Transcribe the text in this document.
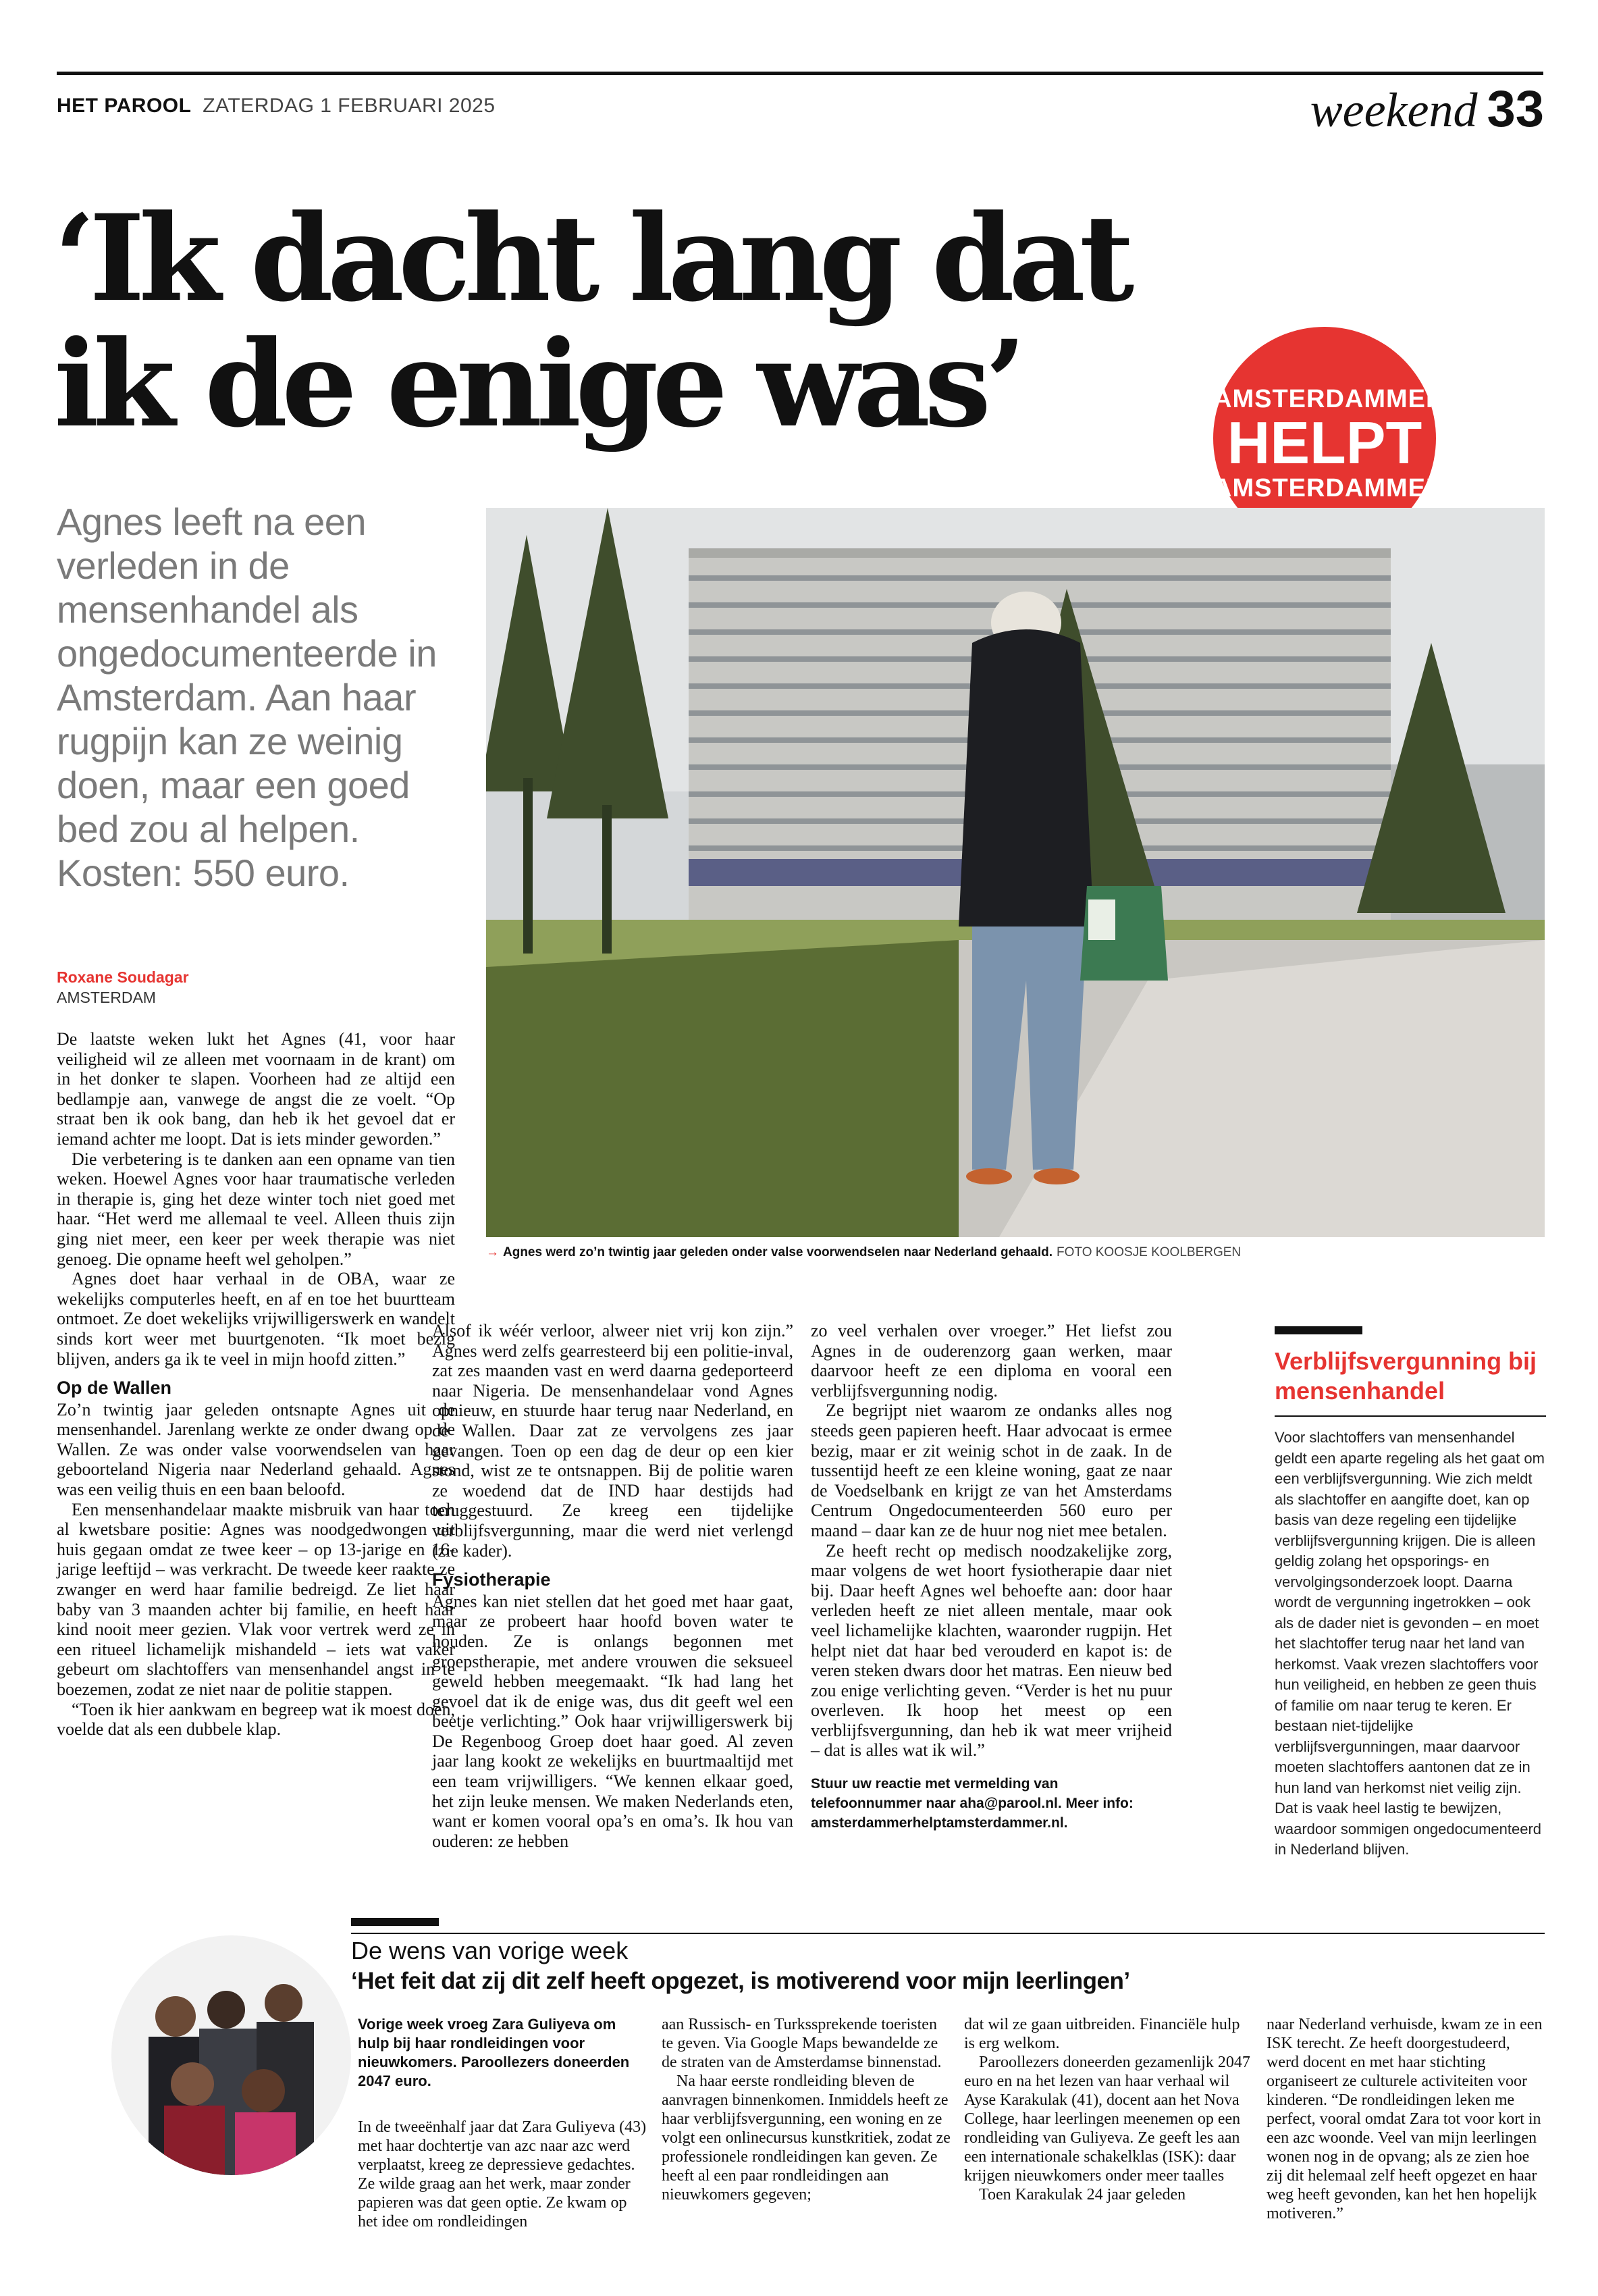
HET PAROOL ZATERDAG 1 FEBRUARI 2025	weekend 33
‘Ik dacht lang dat ik de enige was’	AMSTERDAMMER
HELPT
AMSTERDAMMER

Agnes leeft na een verleden in de mensenhandel als ongedocumenteerde in Amsterdam. Aan haar rugpijn kan ze weinig doen, maar een goed bed zou al helpen. Kosten: 550 euro.

Roxane Soudagar
AMSTERDAM
→ Agnes werd zo’n twintig jaar geleden onder valse voorwendselen naar Nederland gehaald. FOTO KOOSJE KOOLBERGEN

De laatste weken lukt het Agnes (41, voor haar veiligheid wil ze alleen met voornaam in de krant) om in het donker te slapen. Voorheen had ze altijd een bedlampje aan, vanwege de angst die ze voelt. “Op straat ben ik ook bang, dan heb ik het gevoel dat er iemand achter me loopt. Dat is iets minder geworden.”

Die verbetering is te danken aan een opname van tien weken. Hoewel Agnes voor haar traumatische verleden in therapie is, ging het deze winter toch niet goed met haar. “Het werd me allemaal te veel. Alleen thuis zijn ging niet meer, een keer per week therapie was niet genoeg. Die opname heeft wel geholpen.”

Agnes doet haar verhaal in de OBA, waar ze wekelijks computerles heeft, en af en toe het buurtteam ontmoet. Ze doet wekelijks vrijwilligerswerk en wandelt sinds kort weer met buurtgenoten. “Ik moet bezig blijven, anders ga ik te veel in mijn hoofd zitten.”

Op de Wallen

Zo’n twintig jaar geleden ontsnapte Agnes uit de mensenhandel. Jarenlang werkte ze onder dwang op de Wallen. Ze was onder valse voorwendselen van haar geboorteland Nigeria naar Nederland gehaald. Agnes was een veilig thuis en een baan beloofd.

Een mensenhandelaar maakte misbruik van haar toch al kwetsbare positie: Agnes was noodgedwongen uit huis gegaan omdat ze twee keer – op 13-jarige en 16-jarige leeftijd – was verkracht. De tweede keer raakte ze zwanger en werd haar familie bedreigd. Ze liet haar baby van 3 maanden achter bij familie, en heeft haar kind nooit meer gezien. Vlak voor vertrek werd ze in een ritueel lichamelijk mishandeld – iets wat vaker gebeurt om slachtoffers van mensenhandel angst in te boezemen, zodat ze niet naar de politie stappen.

“Toen ik hier aankwam en begreep wat ik moest doen, voelde dat als een dubbele klap.

Alsof ik wéér verloor, alweer niet vrij kon zijn.” Agnes werd zelfs gearresteerd bij een politie-inval, zat zes maanden vast en werd daarna gedeporteerd naar Nigeria. De mensenhandelaar vond Agnes opnieuw, en stuurde haar terug naar Nederland, en de Wallen. Daar zat ze vervolgens zes jaar gevangen. Toen op een dag de deur op een kier stond, wist ze te ontsnappen. Bij de politie waren ze woedend dat de IND haar destijds had teruggestuurd. Ze kreeg een tijdelijke verblijfsvergunning, maar die werd niet verlengd (zie kader).

Fysiotherapie

Agnes kan niet stellen dat het goed met haar gaat, maar ze probeert haar hoofd boven water te houden. Ze is onlangs begonnen met groepstherapie, met andere vrouwen die seksueel geweld hebben meegemaakt. “Ik had lang het gevoel dat ik de enige was, dus dit geeft wel een beetje verlichting.” Ook haar vrijwilligerswerk bij De Regenboog Groep doet haar goed. Al zeven jaar lang kookt ze wekelijks en buurtmaaltijd met een team vrijwilligers. “We kennen elkaar goed, het zijn leuke mensen. We maken Nederlands eten, want er komen vooral opa’s en oma’s. Ik hou van ouderen: ze hebben

zo veel verhalen over vroeger.” Het liefst zou Agnes in de ouderenzorg gaan werken, maar daarvoor heeft ze een diploma en vooral een verblijfsvergunning nodig.

Ze begrijpt niet waarom ze ondanks alles nog steeds geen papieren heeft. Haar advocaat is ermee bezig, maar er zit weinig schot in de zaak. In de tussentijd heeft ze een kleine woning, gaat ze naar de Voedselbank en krijgt ze van het Amsterdams Centrum Ongedocumenteerden 560 euro per maand – daar kan ze de huur nog niet mee betalen.

Ze heeft recht op medisch noodzakelijke zorg, maar volgens de wet hoort fysiotherapie daar niet bij. Daar heeft Agnes wel behoefte aan: door haar verleden heeft ze niet alleen mentale, maar ook veel lichamelijke klachten, waaronder rugpijn. Het helpt niet dat haar bed verouderd en kapot is: de veren steken dwars door het matras. Een nieuw bed zou enige verlichting geven. “Verder is het nu puur overleven. Ik hoop het meest op een verblijfsvergunning, dan heb ik wat meer vrijheid – dat is alles wat ik wil.”

Stuur uw reactie met vermelding van telefoonnummer naar aha@parool.nl. Meer info: amsterdammerhelptamsterdammer.nl.
Verblijfsvergunning bij mensenhandel

Voor slachtoffers van mensenhandel geldt een aparte regeling als het gaat om een verblijfsvergunning. Wie zich meldt als slachtoffer en aangifte doet, kan op basis van deze regeling een tijdelijke verblijfsvergunning krijgen. Die is alleen geldig zolang het opsporings- en vervolgingsonderzoek loopt. Daarna wordt de vergunning ingetrokken – ook als de dader niet is gevonden – en moet het slachtoffer terug naar het land van herkomst. Vaak vrezen slachtoffers voor hun veiligheid, en hebben ze geen thuis of familie om naar terug te keren. Er bestaan niet-tijdelijke verblijfsvergunningen, maar daarvoor moeten slachtoffers aantonen dat ze in hun land van herkomst niet veilig zijn. Dat is vaak heel lastig te bewijzen, waardoor sommigen ongedocumenteerd in Nederland blijven.

De wens van vorige week
‘Het feit dat zij dit zelf heeft opgezet, is motiverend voor mijn leerlingen’
Vorige week vroeg Zara Guliyeva om hulp bij haar rondleidingen voor nieuwkomers. Paroollezers doneerden 2047 euro.

In de tweeënhalf jaar dat Zara Guliyeva (43) met haar dochtertje van azc naar azc werd verplaatst, kreeg ze depressieve gedachtes. Ze wilde graag aan het werk, maar zonder papieren was dat geen optie. Ze kwam op het idee om rondleidingen

aan Russisch- en Turkssprekende toeristen te geven. Via Google Maps bewandelde ze de straten van de Amsterdamse binnenstad.

Na haar eerste rondleiding bleven de aanvragen binnenkomen. Inmiddels heeft ze haar verblijfsvergunning, een woning en ze volgt een onlinecursus kunstkritiek, zodat ze professionele rondleidingen kan geven. Ze heeft al een paar rondleidingen aan nieuwkomers gegeven;

dat wil ze gaan uitbreiden. Financiële hulp is erg welkom.

Paroollezers doneerden gezamenlijk 2047 euro en na het lezen van haar verhaal wil Ayse Karakulak (41), docent aan het Nova College, haar leerlingen meenemen op een rondleiding van Guliyeva. Ze geeft les aan een internationale schakelklas (ISK): daar krijgen nieuwkomers onder meer taalles

Toen Karakulak 24 jaar geleden

naar Nederland verhuisde, kwam ze in een ISK terecht. Ze heeft doorgestudeerd, werd docent en met haar stichting organiseert ze culturele activiteiten voor kinderen. “De rondleidingen leken me perfect, vooral omdat Zara tot voor kort in een azc woonde. Veel van mijn leerlingen wonen nog in de opvang; als ze zien hoe zij dit helemaal zelf heeft opgezet en haar weg heeft gevonden, kan het hen hopelijk motiveren.”
